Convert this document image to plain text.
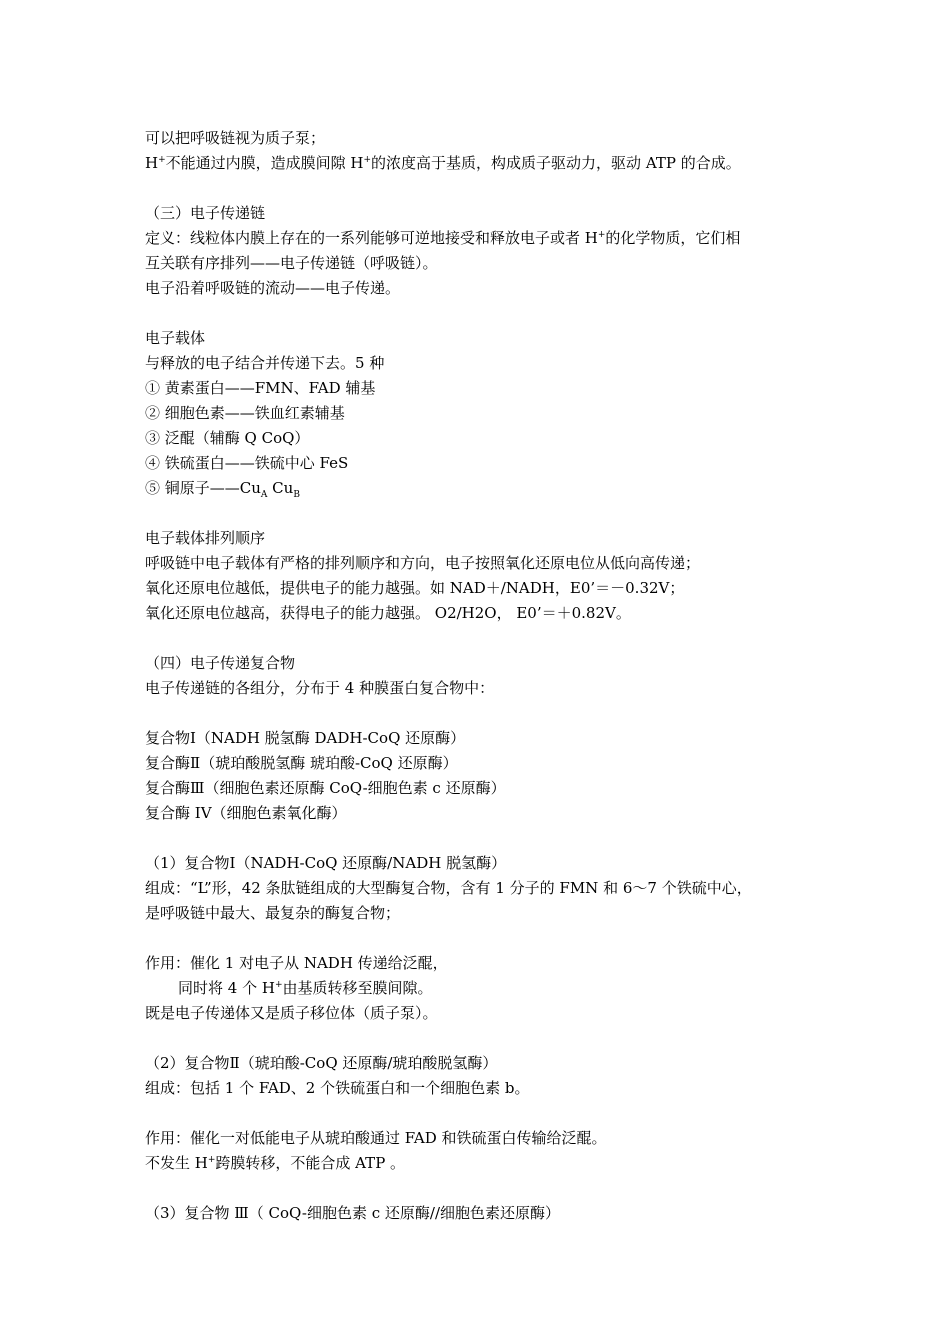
可以把呼吸链视为质子泵；
H+不能通过内膜，造成膜间隙 H+的浓度高于基质，构成质子驱动力，驱动 ATP 的合成。
（三）电子传递链
定义：线粒体内膜上存在的一系列能够可逆地接受和释放电子或者 H+的化学物质，它们相
互关联有序排列——电子传递链（呼吸链）。
电子沿着呼吸链的流动——电子传递。
电子载体
与释放的电子结合并传递下去。5 种
① 黄素蛋白——FMN、FAD 辅基
② 细胞色素——铁血红素辅基
③ 泛醌（辅酶 Q CoQ）
④ 铁硫蛋白——铁硫中心 FeS
⑤ 铜原子$——Cu_A$ $Cu_B$
电子载体排列顺序
呼吸链中电子载体有严格的排列顺序和方向，电子按照氧化还原电位从低向高传递；
氧化还原电位越低，提供电子的能力越强。如 NAD＋/NADH，E0’＝－0.32V；
氧化还原电位越高，获得电子的能力越强。 O2/H2O， E0’＝＋0.82V。
（四）电子传递复合物
电子传递链的各组分，分布于 4 种膜蛋白复合物中：
复合物Ⅰ（NADH 脱氢酶 DADH-CoQ 还原酶）
复合酶Ⅱ（琥珀酸脱氢酶 琥珀酸-CoQ 还原酶）
复合酶Ⅲ（细胞色素还原酶 CoQ-细胞色素 c 还原酶）
复合酶 IV（细胞色素氧化酶）
（1）复合物Ⅰ（NADH-CoQ 还原酶/NADH 脱氢酶）
组成：“L”形，42 条肽链组成的大型酶复合物，含有 1 分子的 FMN 和 6～7 个铁硫中心，
是呼吸链中最大、最复杂的酶复合物；
作用：催化 1 对电子从 NADH 传递给泛醌，
同时将 4 个 H+由基质转移至膜间隙。
既是电子传递体又是质子移位体（质子泵）。
（2）复合物Ⅱ（琥珀酸-CoQ 还原酶/琥珀酸脱氢酶）
组成：包括 1 个 FAD、2 个铁硫蛋白和一个细胞色素 b。
作用：催化一对低能电子从琥珀酸通过 FAD 和铁硫蛋白传输给泛醌。
不发生 H+跨膜转移，不能合成 ATP 。
（3）复合物 Ⅲ（ CoQ-细胞色素 c 还原酶//细胞色素还原酶）
